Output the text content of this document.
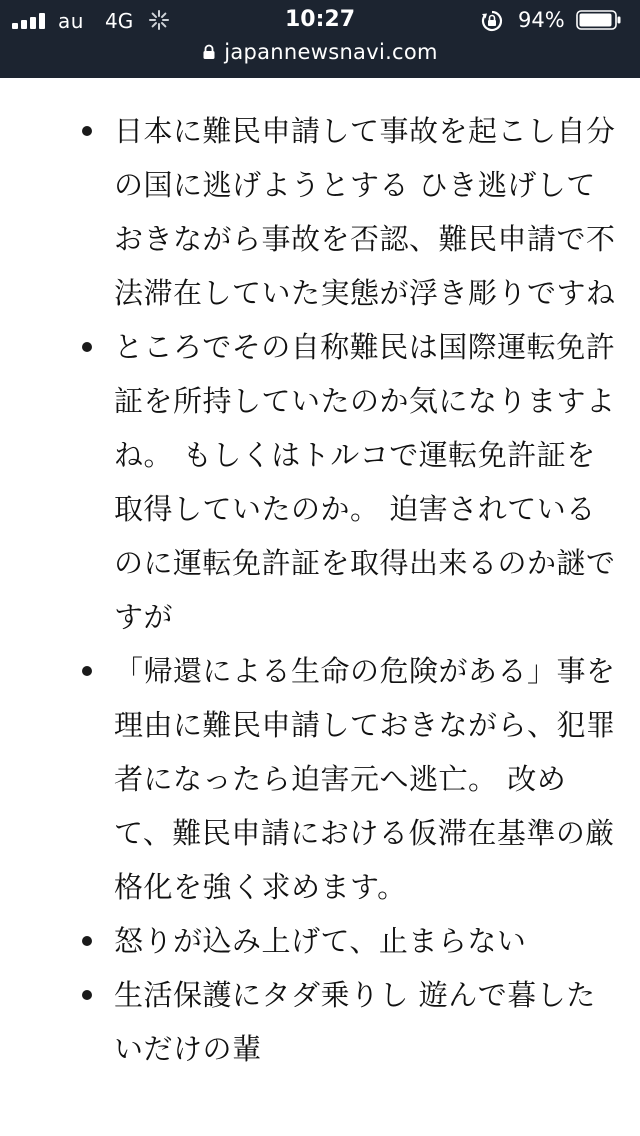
au 4G	10:27	94%
japannewsnavi.com
日本に難民申請して事故を起こし自分の国に逃げようとする ひき逃げしておきながら事故を否認、難民申請で不法滞在していた実態が浮き彫りですね
ところでその自称難民は国際運転免許証を所持していたのか気になりますよね。 もしくはトルコで運転免許証を取得していたのか。 迫害されているのに運転免許証を取得出来るのか謎ですが
「帰還による生命の危険がある」事を理由に難民申請しておきながら、犯罪者になったら迫害元へ逃亡。 改めて、難民申請における仮滞在基準の厳格化を強く求めます。
怒りが込み上げて、止まらない
生活保護にタダ乗りし 遊んで暮したいだけの輩
